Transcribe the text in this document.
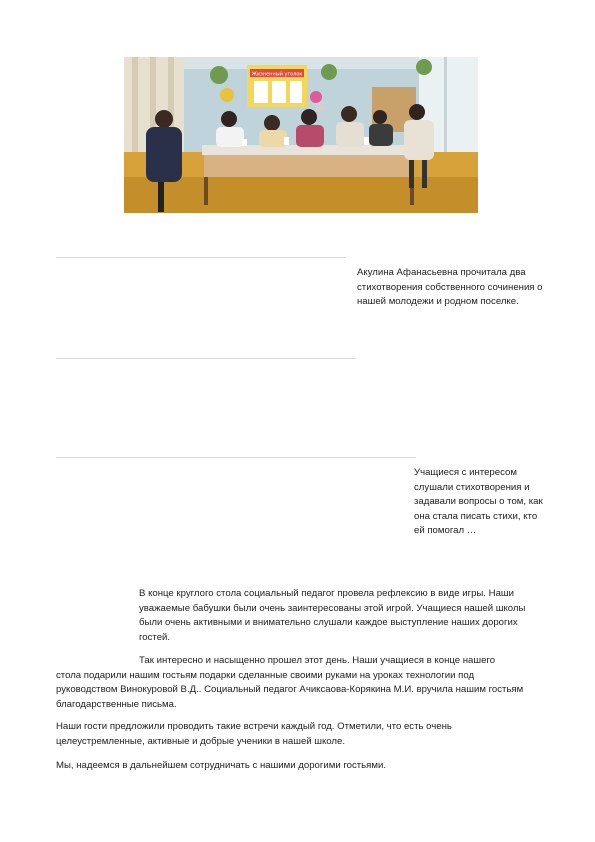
Жизненный уголок

Акулина Афанасьевна прочитала два стихотворения собственного сочинения о нашей молодежи и родном поселке.

Учащиеся с интересом слушали стихотворения и задавали вопросы о том, как она стала писать стихи, кто ей помогал …

В конце круглого стола социальный педагог провела рефлексию в виде игры. Наши уважаемые бабушки были очень заинтересованы этой игрой. Учащиеся нашей школы были очень активными и внимательно слушали каждое выступление наших дорогих гостей.

Так интересно и насыщенно прошел этот день. Наши учащиеся в конце нашего
стола подарили нашим гостьям подарки сделанные своими руками на уроках технологии под руководством Винокуровой В.Д.. Социальный педагог Ачиксаова-Корякина М.И. вручила нашим гостьям благодарственные письма.

Наши гости предложили проводить такие встречи каждый год. Отметили, что есть очень целеустремленные, активные и добрые ученики в нашей школе.

Мы, надеемся в дальнейшем сотрудничать с нашими дорогими гостьями.
